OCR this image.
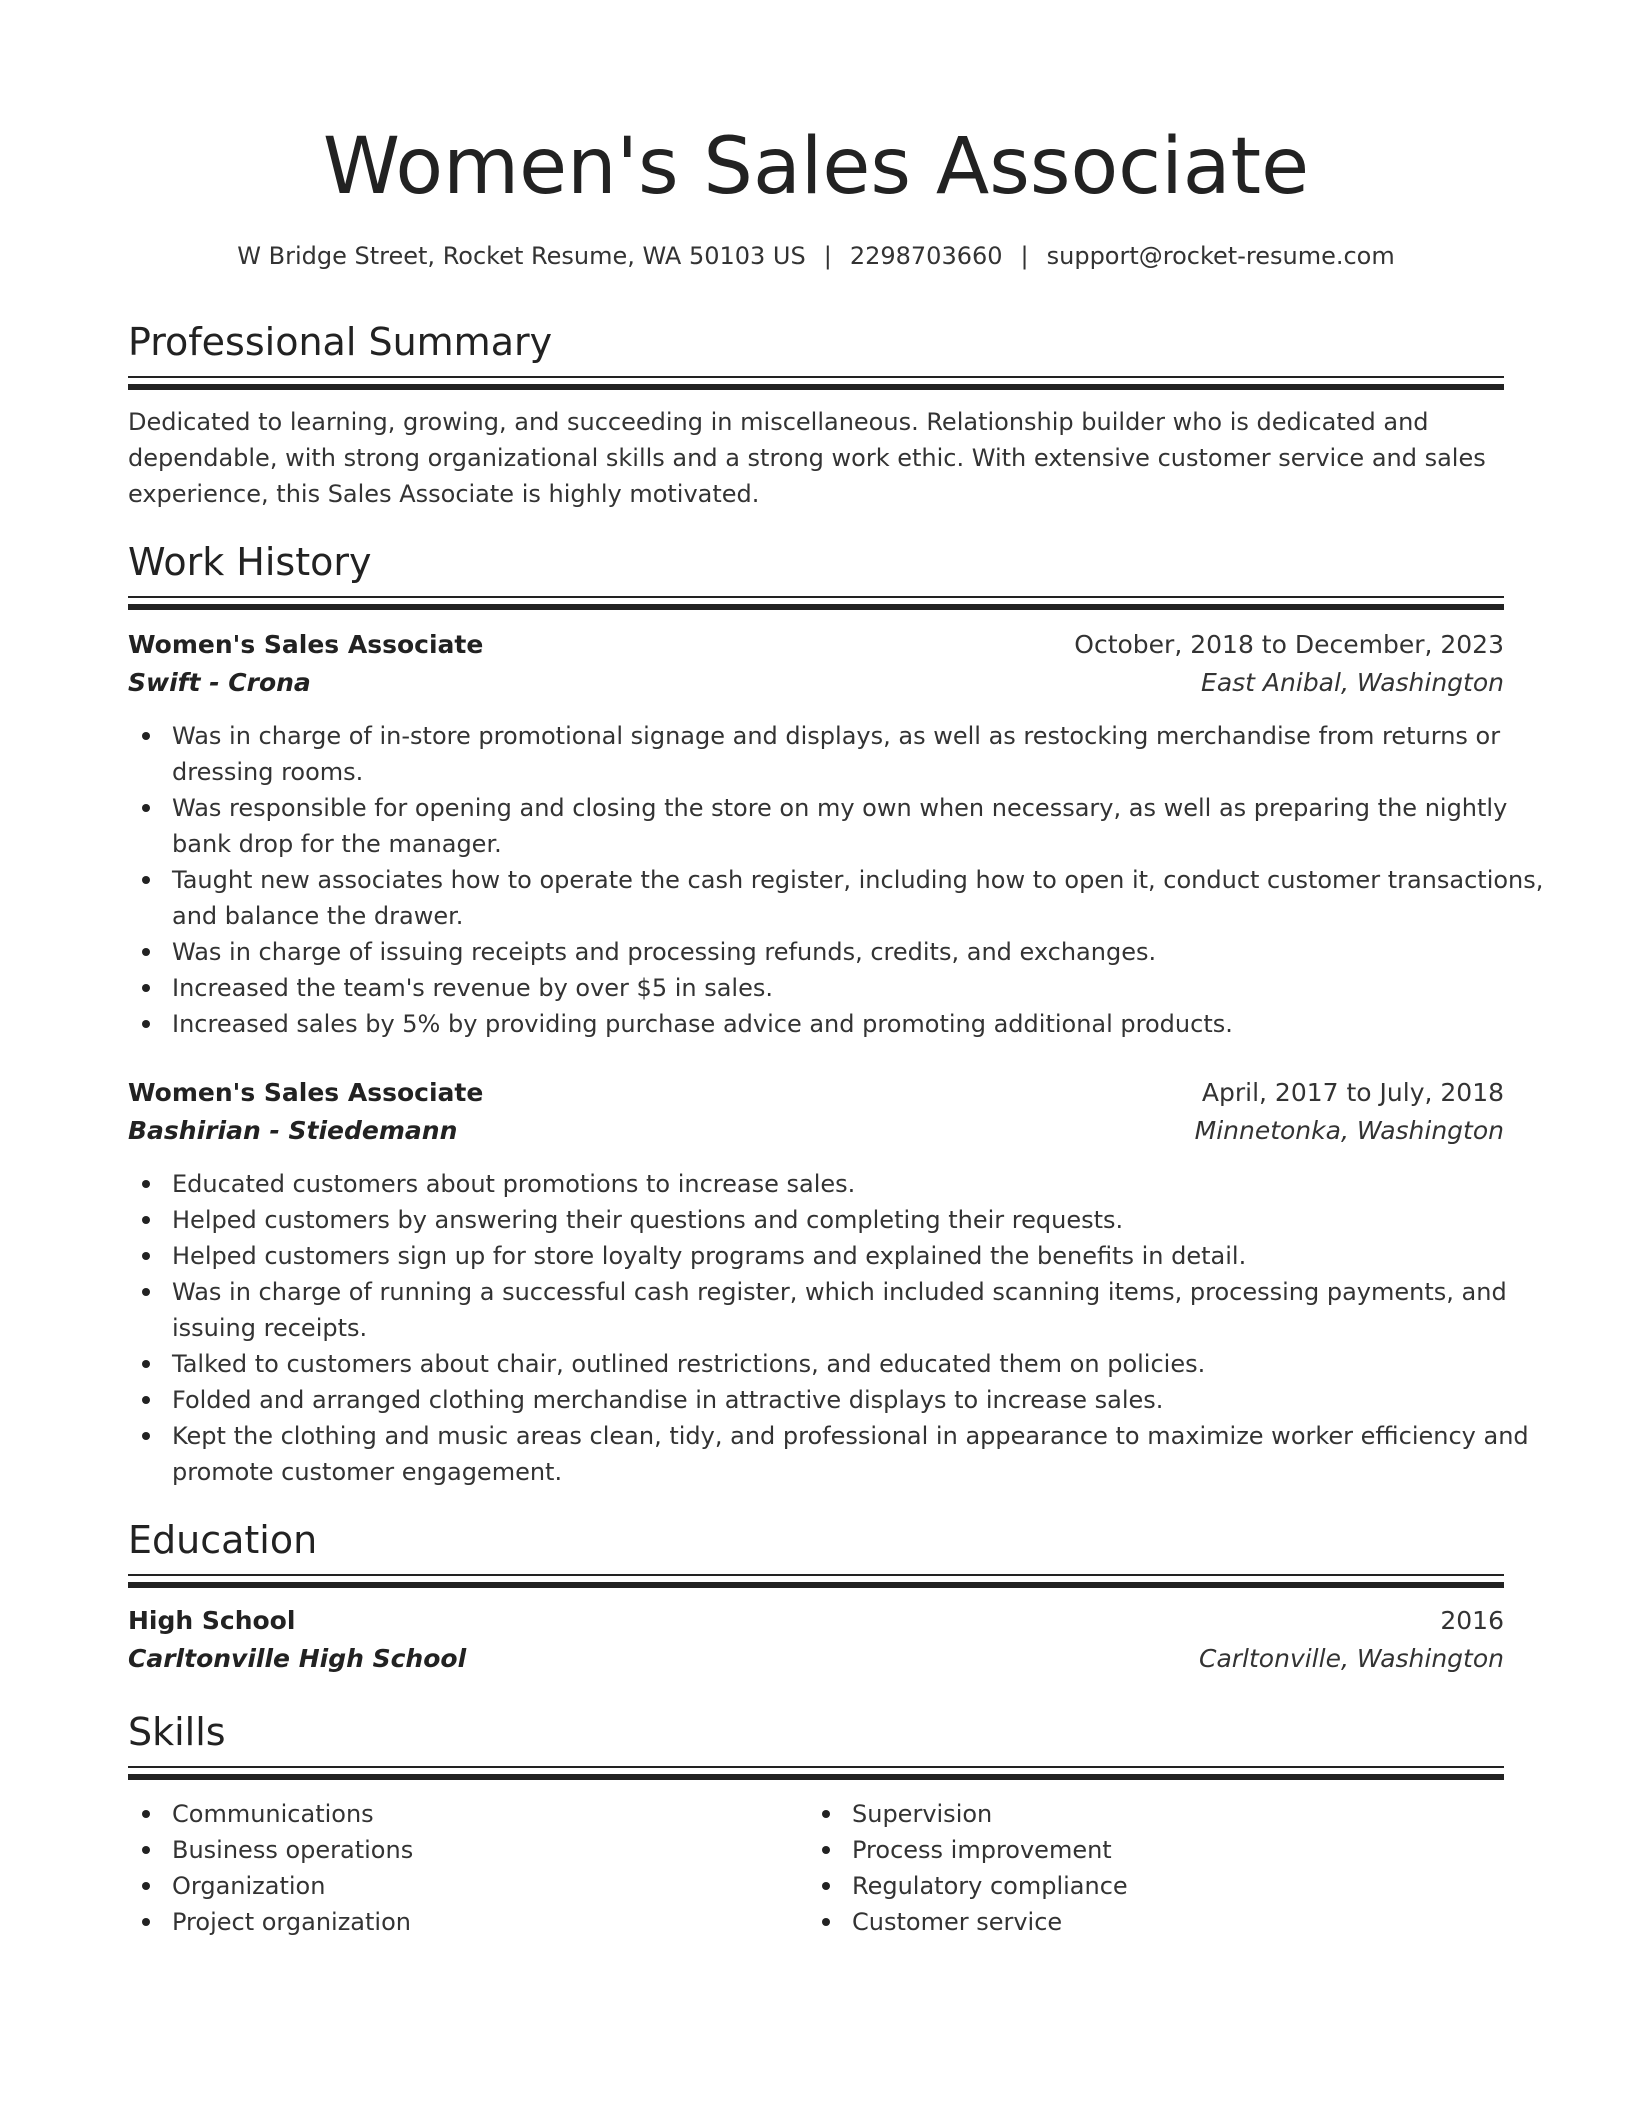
Women's Sales Associate
W Bridge Street, Rocket Resume, WA 50103 US | 2298703660 | support@rocket-resume.com
Professional Summary
Dedicated to learning, growing, and succeeding in miscellaneous. Relationship builder who is dedicated and
dependable, with strong organizational skills and a strong work ethic. With extensive customer service and sales
experience, this Sales Associate is highly motivated.
Work History
Women's Sales Associate	October, 2018 to December, 2023
Swift - Crona	East Anibal, Washington
Was in charge of in-store promotional signage and displays, as well as restocking merchandise from returns or dressing rooms.
Was responsible for opening and closing the store on my own when necessary, as well as preparing the nightly bank drop for the manager.
Taught new associates how to operate the cash register, including how to open it, conduct customer transactions, and balance the drawer.
Was in charge of issuing receipts and processing refunds, credits, and exchanges.
Increased the team's revenue by over $5 in sales.
Increased sales by 5% by providing purchase advice and promoting additional products.
Women's Sales Associate	April, 2017 to July, 2018
Bashirian - Stiedemann	Minnetonka, Washington
Educated customers about promotions to increase sales.
Helped customers by answering their questions and completing their requests.
Helped customers sign up for store loyalty programs and explained the benefits in detail.
Was in charge of running a successful cash register, which included scanning items, processing payments, and issuing receipts.
Talked to customers about chair, outlined restrictions, and educated them on policies.
Folded and arranged clothing merchandise in attractive displays to increase sales.
Kept the clothing and music areas clean, tidy, and professional in appearance to maximize worker efficiency and promote customer engagement.
Education
High School	2016
Carltonville High School	Carltonville, Washington
Skills
Communications
Business operations
Organization
Project organization
Supervision
Process improvement
Regulatory compliance
Customer service
